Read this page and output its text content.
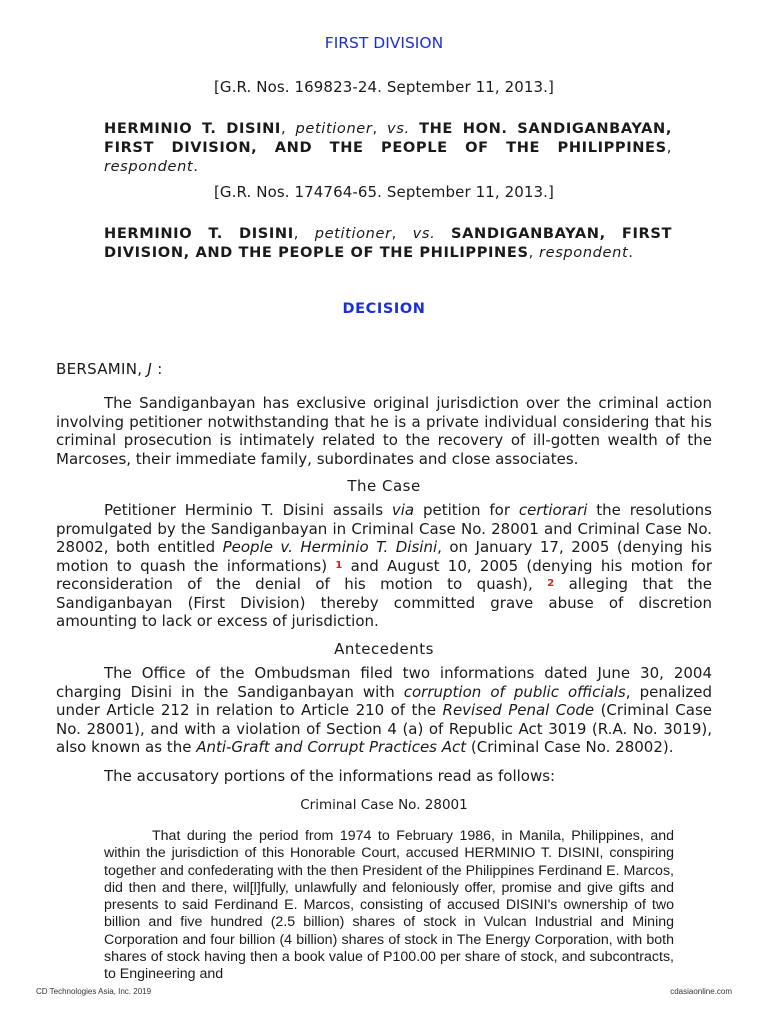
FIRST DIVISION
[G.R. Nos. 169823-24. September 11, 2013.]
HERMINIO T. DISINI, petitioner, vs. THE HON. SANDIGANBAYAN, FIRST DIVISION, AND THE PEOPLE OF THE PHILIPPINES, respondent.
[G.R. Nos. 174764-65. September 11, 2013.]
HERMINIO T. DISINI, petitioner, vs. SANDIGANBAYAN, FIRST DIVISION, AND THE PEOPLE OF THE PHILIPPINES, respondent.
DECISION
BERSAMIN, J :

The Sandiganbayan has exclusive original jurisdiction over the criminal action involving petitioner notwithstanding that he is a private individual considering that his criminal prosecution is intimately related to the recovery of ill-gotten wealth of the Marcoses, their immediate family, subordinates and close associates.

The Case

Petitioner Herminio T. Disini assails via petition for certiorari the resolutions promulgated by the Sandiganbayan in Criminal Case No. 28001 and Criminal Case No. 28002, both entitled People v. Herminio T. Disini, on January 17, 2005 (denying his motion to quash the informations) $^1$ and August 10, 2005 (denying his motion for reconsideration of the denial of his motion to quash), $^2$ alleging that the Sandiganbayan (First Division) thereby committed grave abuse of discretion amounting to lack or excess of jurisdiction.

Antecedents

The Office of the Ombudsman filed two informations dated June 30, 2004 charging Disini in the Sandiganbayan with corruption of public officials, penalized under Article 212 in relation to Article 210 of the Revised Penal Code (Criminal Case No. 28001), and with a violation of Section 4 (a) of Republic Act 3019 (R.A. No. 3019), also known as the Anti-Graft and Corrupt Practices Act (Criminal Case No. 28002).

The accusatory portions of the informations read as follows:

Criminal Case No. 28001

That during the period from 1974 to February 1986, in Manila, Philippines, and within the jurisdiction of this Honorable Court, accused HERMINIO T. DISINI, conspiring together and confederating with the then President of the Philippines Ferdinand E. Marcos, did then and there, wil[l]fully, unlawfully and feloniously offer, promise and give gifts and presents to said Ferdinand E. Marcos, consisting of accused DISINI's ownership of two billion and five hundred (2.5 billion) shares of stock in Vulcan Industrial and Mining Corporation and four billion (4 billion) shares of stock in The Energy Corporation, with both shares of stock having then a book value of P100.00 per share of stock, and subcontracts, to Engineering and

CD Technologies Asia, Inc. 2019	cdasiaonline.com
